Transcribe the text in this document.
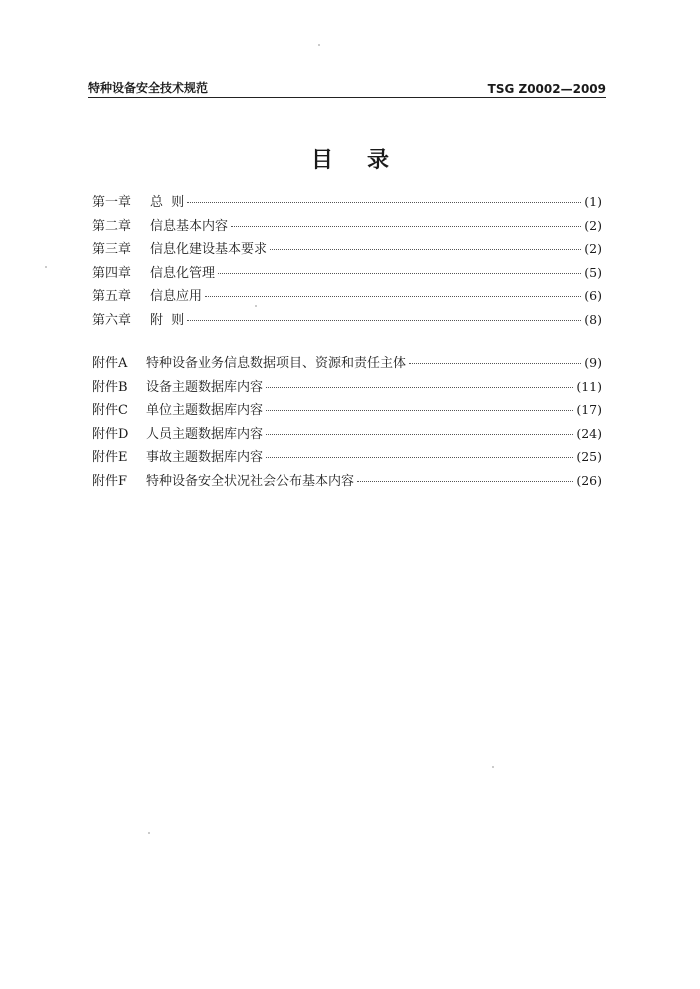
特种设备安全技术规范	TSG Z0002—2009
目录
第一章	总  则	(1)
第二章	信息基本内容	(2)
第三章	信息化建设基本要求	(2)
第四章	信息化管理	(5)
第五章	信息应用	(6)
第六章	附  则	(8)
附件A	特种设备业务信息数据项目、资源和责任主体	(9)
附件B	设备主题数据库内容	(11)
附件C	单位主题数据库内容	(17)
附件D	人员主题数据库内容	(24)
附件E	事故主题数据库内容	(25)
附件F	特种设备安全状况社会公布基本内容	(26)
